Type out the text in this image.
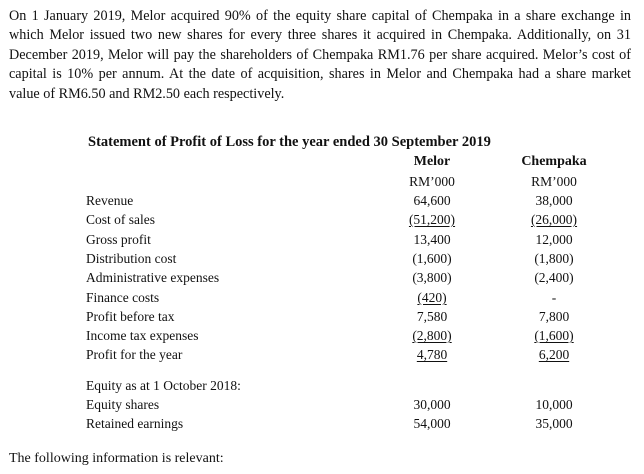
On 1 January 2019, Melor acquired 90% of the equity share capital of Chempaka in a share exchange in which Melor issued two new shares for every three shares it acquired in Chempaka. Additionally, on 31 December 2019, Melor will pay the shareholders of Chempaka RM1.76 per share acquired. Melor’s cost of capital is 10% per annum. At the date of acquisition, shares in Melor and Chempaka had a share market value of RM6.50 and RM2.50 each respectively.
Statement of Profit of Loss for the year ended 30 September 2019
Melor	Chempaka
RM’000	RM’000
Revenue	64,600	38,000
Cost of sales	(51,200)	(26,000)
Gross profit	13,400	12,000
Distribution cost	(1,600)	(1,800)
Administrative expenses	(3,800)	(2,400)
Finance costs	(420)	-
Profit before tax	7,580	7,800
Income tax expenses	(2,800)	(1,600)
Profit for the year	4,780	6,200
Equity as at 1 October 2018:
Equity shares	30,000	10,000
Retained earnings	54,000	35,000
The following information is relevant:
